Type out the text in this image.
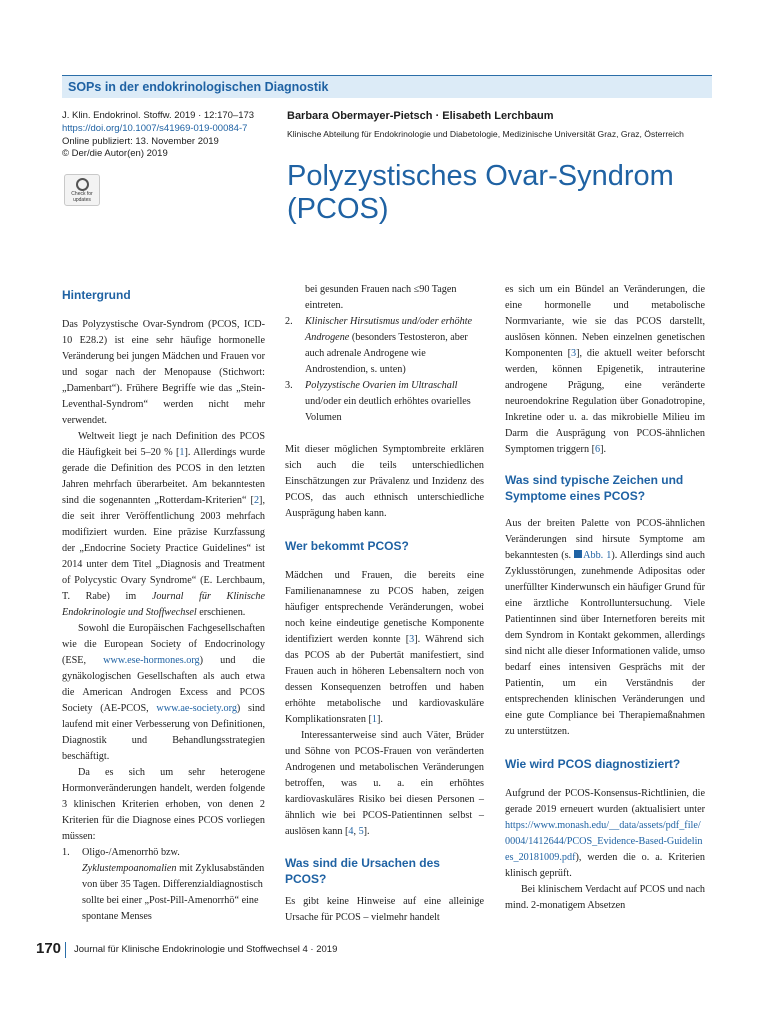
SOPs in der endokrinologischen Diagnostik
J. Klin. Endokrinol. Stoffw. 2019 · 12:170–173
https://doi.org/10.1007/s41969-019-00084-7
Online publiziert: 13. November 2019
© Der/die Autor(en) 2019
Check for updates
Barbara Obermayer-Pietsch · Elisabeth Lerchbaum
Klinische Abteilung für Endokrinologie und Diabetologie, Medizinische Universität Graz, Graz, Österreich
Polyzystisches Ovar-Syndrom
(PCOS)
Hintergrund

Das Polyzystische Ovar-Syndrom (PCOS, ICD-10 E28.2) ist eine sehr häufige hormonelle Veränderung bei jungen Mädchen und Frauen vor und sogar nach der Menopause (Stichwort: „Damenbart“). Frühere Begriffe wie das „Stein-Leventhal-Syndrom“ werden nicht mehr verwendet.

Weltweit liegt je nach Definition des PCOS die Häufigkeit bei 5–20 % [1]. Allerdings wurde gerade die Definition des PCOS in den letzten Jahren mehrfach überarbeitet. Am bekanntesten sind die sogenannten „Rotterdam-Kriterien“ [2], die seit ihrer Veröffentlichung 2003 mehrfach modifiziert wurden. Eine präzise Kurzfassung der „Endocrine Society Practice Guidelines“ ist 2014 unter dem Titel „Diagnosis and Treatment of Polycystic Ovary Syndrome“ (E. Lerchbaum, T. Rabe) im Journal für Klinische Endokrinologie und Stoffwechsel erschienen.

Sowohl die Europäischen Fachgesellschaften wie die European Society of Endocrinology (ESE, www.ese-hormones.org) und die gynäkologischen Gesellschaften als auch etwa die American Androgen Excess and PCOS Society (AE-PCOS, www.ae-society.org) sind laufend mit einer Verbesserung von Definitionen, Diagnostik und Behandlungsstrategien beschäftigt.

Da es sich um sehr heterogene Hormonveränderungen handelt, werden folgende 3 klinischen Kriterien erhoben, von denen 2 Kriterien für die Diagnose eines PCOS vorliegen müssen:

1. Oligo-/Amenorrhö bzw. Zyklustempoanomalien mit Zyklusabständen von über 35 Tagen. Differenzialdiagnostisch sollte bei einer „Post-Pill-Amenorrhö“ eine spontane Menses
bei gesunden Frauen nach ≤90 Tagen eintreten.
2. Klinischer Hirsutismus und/oder erhöhte Androgene (besonders Testosteron, aber auch adrenale Androgene wie Androstendion, s. unten)
3. Polyzystische Ovarien im Ultraschall und/oder ein deutlich erhöhtes ovarielles Volumen

Mit dieser möglichen Symptombreite erklären sich auch die teils unterschiedlichen Einschätzungen zur Prävalenz und Inzidenz des PCOS, das auch ethnisch unterschiedliche Ausprägung haben kann.

Wer bekommt PCOS?

Mädchen und Frauen, die bereits eine Familienanamnese zu PCOS haben, zeigen häufiger entsprechende Veränderungen, wobei noch keine eindeutige genetische Komponente identifiziert werden konnte [3]. Während sich das PCOS ab der Pubertät manifestiert, sind Frauen auch in höheren Lebensaltern noch von dessen Konsequenzen betroffen und haben erhöhte metabolische und kardiovaskuläre Komplikationsraten [1].

Interessanterweise sind auch Väter, Brüder und Söhne von PCOS-Frauen von veränderten Androgenen und metabolischen Veränderungen betroffen, was u. a. ein erhöhtes kardiovaskuläres Risiko bei diesen Personen – ähnlich wie bei PCOS-Patientinnen selbst – auslösen kann [4, 5].

Was sind die Ursachen des
PCOS?

Es gibt keine Hinweise auf eine alleinige Ursache für PCOS – vielmehr handelt

es sich um ein Bündel an Veränderungen, die eine hormonelle und metabolische Normvariante, wie sie das PCOS darstellt, auslösen können. Neben einzelnen genetischen Komponenten [3], die aktuell weiter beforscht werden, können Epigenetik, intrauterine androgene Prägung, eine veränderte neuroendokrine Regulation über Gonadotropine, Inkretine oder u. a. das mikrobielle Milieu im Darm die Ausprägung von PCOS-ähnlichen Symptomen triggern [6].

Was sind typische Zeichen und
Symptome eines PCOS?

Aus der breiten Palette von PCOS-ähnlichen Veränderungen sind hirsute Symptome am bekanntesten (s. Abb. 1). Allerdings sind auch Zyklusstörungen, zunehmende Adipositas oder unerfüllter Kinderwunsch ein häufiger Grund für eine ärztliche Kontrolluntersuchung. Viele Patientinnen sind über Internetforen bereits mit dem Syndrom in Kontakt gekommen, allerdings sind nicht alle dieser Informationen valide, umso bedarf eines intensiven Gesprächs mit der Patientin, um ein Verständnis der entsprechenden klinischen Veränderungen und eine gute Compliance bei Therapiemaßnahmen zu unterstützen.

Wie wird PCOS diagnostiziert?

Aufgrund der PCOS-Konsensus-Richtlinien, die gerade 2019 erneuert wurden (aktualisiert unter https://www.monash.edu/__data/assets/pdf_file/0004/1412644/PCOS_Evidence-Based-Guidelines_20181009.pdf), werden die o. a. Kriterien klinisch geprüft.

Bei klinischem Verdacht auf PCOS und nach mind. 2-monatigem Absetzen

170 Journal für Klinische Endokrinologie und Stoffwechsel 4 · 2019
